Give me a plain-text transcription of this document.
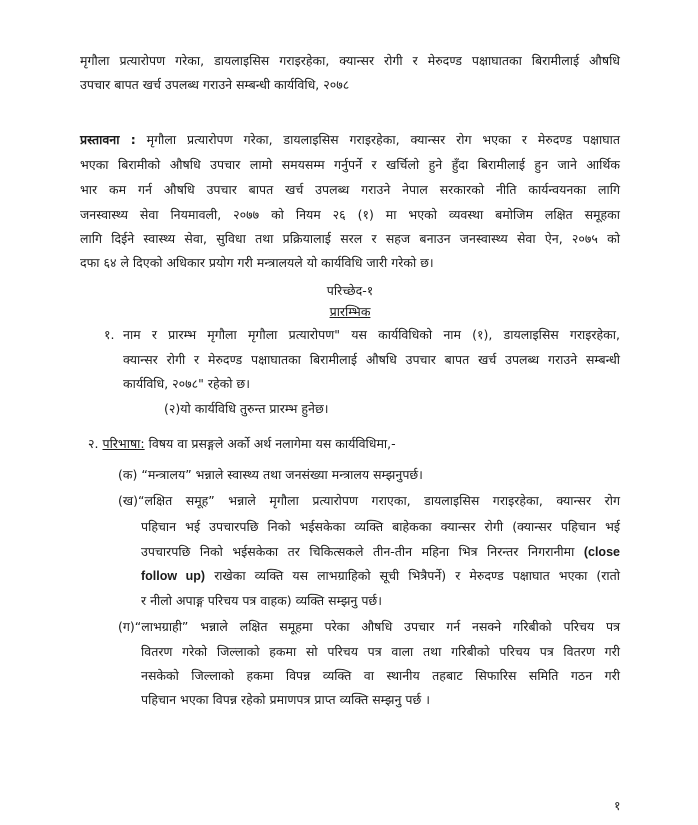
मृगौला प्रत्यारोपण गरेका, डायलाइसिस गराइरहेका, क्यान्सर रोगी र मेरुदण्ड पक्षाघातका बिरामीलाई औषधि
उपचार बापत खर्च उपलब्ध गराउने सम्बन्धी कार्यविधि, २०७८
प्रस्तावना : मृगौला प्रत्यारोपण गरेका, डायलाइसिस गराइरहेका, क्यान्सर रोग भएका र मेरुदण्ड पक्षाघात
भएका बिरामीको औषधि उपचार लामो समयसम्म गर्नुपर्ने र खर्चिलो हुने हुँदा बिरामीलाई हुन जाने आर्थिक
भार कम गर्न औषधि उपचार बापत खर्च उपलब्ध गराउने नेपाल सरकारको नीति कार्यन्वयनका लागि
जनस्वास्थ्य सेवा नियमावली, २०७७ को नियम २६ (१) मा भएको व्यवस्था बमोजिम लक्षित समूहका
लागि दिईने स्वास्थ्य सेवा, सुविधा तथा प्रक्रियालाई सरल र सहज बनाउन जनस्वास्थ्य सेवा ऐन, २०७५ को
दफा ६४ ले दिएको अधिकार प्रयोग गरी मन्त्रालयले यो कार्यविधि जारी गरेको छ।
परिच्छेद-१
प्रारम्भिक
१. नाम र प्रारम्भ मृगौला मृगौला प्रत्यारोपण" यस कार्यविधिको नाम (१), डायलाइसिस गराइरहेका,
क्यान्सर रोगी र मेरुदण्ड पक्षाघातका बिरामीलाई औषधि उपचार बापत खर्च उपलब्ध गराउने सम्बन्धी
कार्यविधि, २०७८" रहेको छ।
(२)यो कार्यविधि तुरुन्त प्रारम्भ हुनेछ।
२. परिभाषा: विषय वा प्रसङ्गले अर्को अर्थ नलागेमा यस कार्यविधिमा,-
(क) “मन्त्रालय” भन्नाले स्वास्थ्य तथा जनसंख्या मन्त्रालय सम्झनुपर्छ।
(ख)“लक्षित समूह” भन्नाले मृगौला प्रत्यारोपण गराएका, डायलाइसिस गराइरहेका, क्यान्सर रोग
पहिचान भई उपचारपछि निको भईसकेका व्यक्ति बाहेकका क्यान्सर रोगी (क्यान्सर पहिचान भई
उपचारपछि निको भईसकेका तर चिकित्सकले तीन-तीन महिना भित्र निरन्तर निगरानीमा (close
follow up) राखेका व्यक्ति यस लाभग्राहिको सूची भित्रैपर्ने) र मेरुदण्ड पक्षाघात भएका (रातो
र नीलो अपाङ्ग परिचय पत्र वाहक) व्यक्ति सम्झनु पर्छ।
(ग)“लाभग्राही” भन्नाले लक्षित समूहमा परेका औषधि उपचार गर्न नसक्ने गरिबीको परिचय पत्र
वितरण गरेको जिल्लाको हकमा सो परिचय पत्र वाला तथा गरिबीको परिचय पत्र वितरण गरी
नसकेको जिल्लाको हकमा विपन्न व्यक्ति वा स्थानीय तहबाट सिफारिस समिति गठन गरी
पहिचान भएका विपन्न रहेको प्रमाणपत्र प्राप्त व्यक्ति सम्झनु पर्छ ।
१
